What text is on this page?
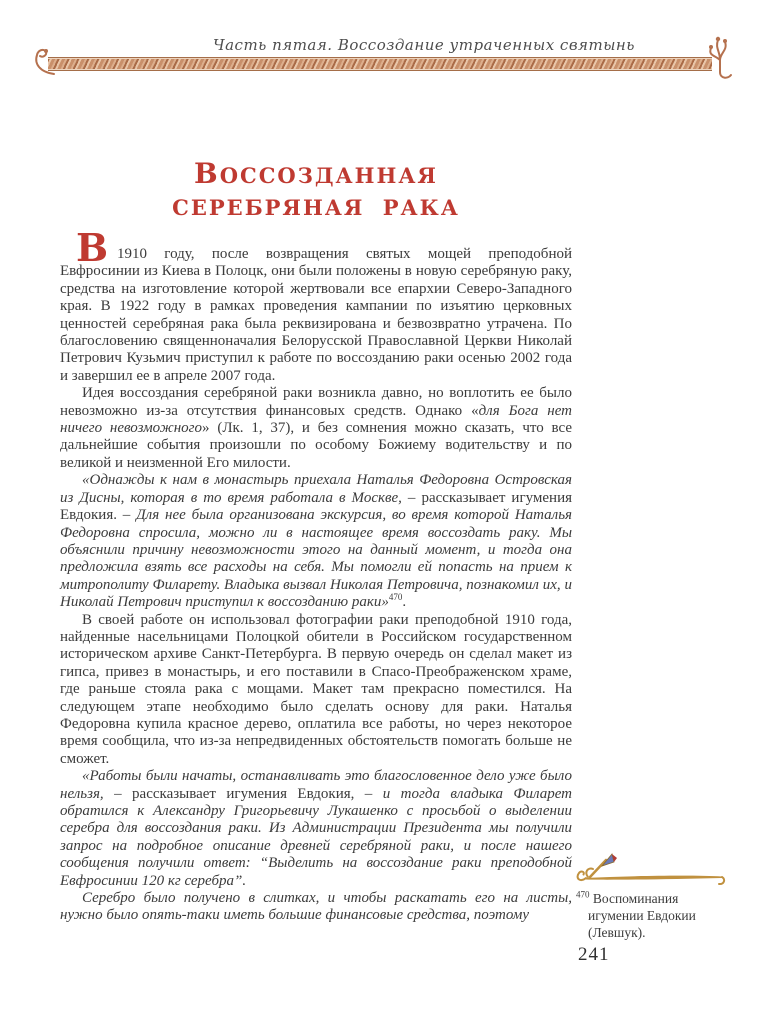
Часть пятая. Воссоздание утраченных святынь
ВОССОЗДАННАЯ
СЕРЕБРЯНАЯ РАКА

В 1910 году, после возвращения святых мощей преподобной Евфросинии из Киева в Полоцк, они были положены в новую серебряную раку, средства на изготовление которой жертвовали все епархии Северо-Западного края. В 1922 году в рамках проведения кампании по изъятию церковных ценностей серебряная рака была реквизирована и безвозвратно утрачена. По благословению священноначалия Белорусской Православной Церкви Николай Петрович Кузьмич приступил к работе по воссозданию раки осенью 2002 года и завершил ее в апреле 2007 года.

Идея воссоздания серебряной раки возникла давно, но воплотить ее было невозможно из-за отсутствия финансовых средств. Однако «для Бога нет ничего невозможного» (Лк. 1, 37), и без сомнения можно сказать, что все дальнейшие события произошли по особому Божиему водительству и по великой и неизменной Его милости.

«Однажды к нам в монастырь приехала Наталья Федоровна Островская из Дисны, которая в то время работала в Москве, – рассказывает игумения Евдокия. – Для нее была организована экскурсия, во время которой Наталья Федоровна спросила, можно ли в настоящее время воссоздать раку. Мы объяснили причину невозможности этого на данный момент, и тогда она предложила взять все расходы на себя. Мы помогли ей попасть на прием к митрополиту Филарету. Владыка вызвал Николая Петровича, познакомил их, и Николай Петрович приступил к воссозданию раки»$^{470}$.

В своей работе он использовал фотографии раки преподобной 1910 года, найденные насельницами Полоцкой обители в Российском государственном историческом архиве Санкт-Петербурга. В первую очередь он сделал макет из гипса, привез в монастырь, и его поставили в Спасо-Преображенском храме, где раньше стояла рака с мощами. Макет там прекрасно поместился. На следующем этапе необходимо было сделать основу для раки. Наталья Федоровна купила красное дерево, оплатила все работы, но через некоторое время сообщила, что из-за непредвиденных обстоятельств помогать больше не сможет.

«Работы были начаты, останавливать это благословенное дело уже было нельзя, – рассказывает игумения Евдокия, – и тогда владыка Филарет обратился к Александру Григорьевичу Лукашенко с просьбой о выделении серебра для воссоздания раки. Из Администрации Президента мы получили запрос на подробное описание древней серебряной раки, и после нашего сообщения получили ответ: “Выделить на воссоздание раки преподобной Евфросинии 120 кг серебра”.

Серебро было получено в слитках, и чтобы раскатать его на листы, нужно было опять-таки иметь большие финансовые средства, поэтому

$^{470}$ Воспоминания игумении Евдокии (Левшук).
241
